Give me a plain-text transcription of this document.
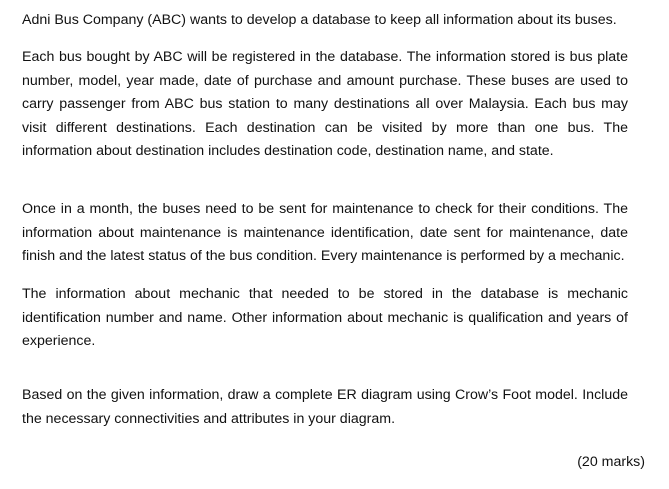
Adni Bus Company (ABC) wants to develop a database to keep all information about its buses.

Each bus bought by ABC will be registered in the database. The information stored is bus plate number, model, year made, date of purchase and amount purchase. These buses are used to carry passenger from ABC bus station to many destinations all over Malaysia. Each bus may visit different destinations. Each destination can be visited by more than one bus. The information about destination includes destination code, destination name, and state.

Once in a month, the buses need to be sent for maintenance to check for their conditions. The information about maintenance is maintenance identification, date sent for maintenance, date finish and the latest status of the bus condition. Every maintenance is performed by a mechanic.

The information about mechanic that needed to be stored in the database is mechanic identification number and name. Other information about mechanic is qualification and years of experience.

Based on the given information, draw a complete ER diagram using Crow’s Foot model. Include the necessary connectivities and attributes in your diagram.

(20 marks)
